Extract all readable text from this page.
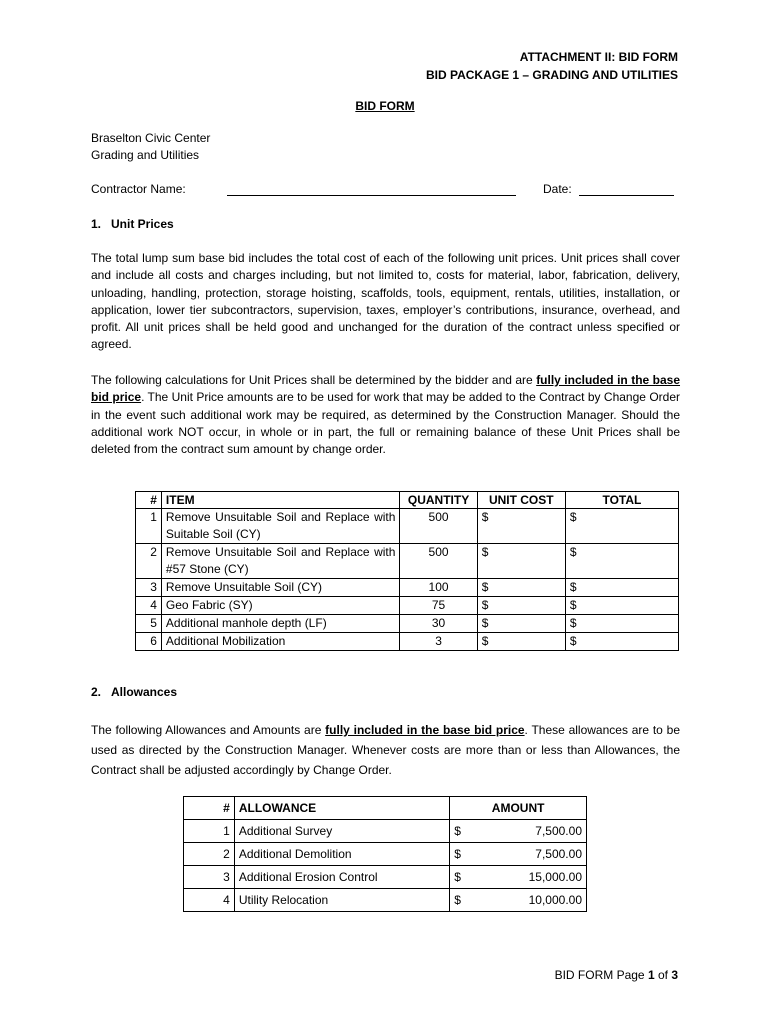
ATTACHMENT II: BID FORM
BID PACKAGE 1 – GRADING AND UTILITIES
BID FORM
Braselton Civic Center
Grading and Utilities
Contractor Name:	Date:
1.   Unit Prices
The total lump sum base bid includes the total cost of each of the following unit prices. Unit prices shall cover and include all costs and charges including, but not limited to, costs for material, labor, fabrication, delivery, unloading, handling, protection, storage hoisting, scaffolds, tools, equipment, rentals, utilities, installation, or application, lower tier subcontractors, supervision, taxes, employer’s contributions, insurance, overhead, and profit. All unit prices shall be held good and unchanged for the duration of the contract unless specified or agreed.
The following calculations for Unit Prices shall be determined by the bidder and are fully included in the base bid price. The Unit Price amounts are to be used for work that may be added to the Contract by Change Order in the event such additional work may be required, as determined by the Construction Manager. Should the additional work NOT occur, in whole or in part, the full or remaining balance of these Unit Prices shall be deleted from the contract sum amount by change order.
#	ITEM	QUANTITY	UNIT COST	TOTAL
1	Remove Unsuitable Soil and Replace with Suitable Soil (CY)	500	$	$
2	Remove Unsuitable Soil and Replace with #57 Stone (CY)	500	$	$
3	Remove Unsuitable Soil (CY)	100	$	$
4	Geo Fabric (SY)	75	$	$
5	Additional manhole depth (LF)	30	$	$
6	Additional Mobilization	3	$	$
2.   Allowances
The following Allowances and Amounts are fully included in the base bid price. These allowances are to be used as directed by the Construction Manager. Whenever costs are more than or less than Allowances, the Contract shall be adjusted accordingly by Change Order.
#	ALLOWANCE	AMOUNT	
1	Additional Survey	$	7,500.00
2	Additional Demolition	$	7,500.00
3	Additional Erosion Control	$	15,000.00
4	Utility Relocation	$	10,000.00
BID FORM Page 1 of 3
